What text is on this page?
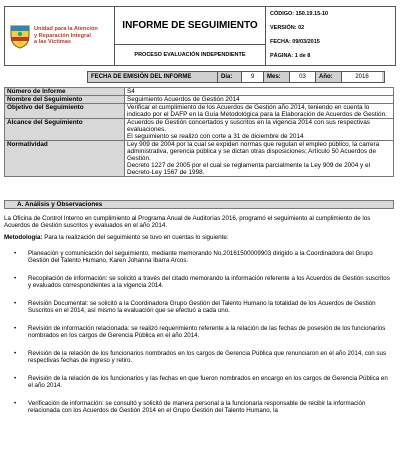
Unidad para la Atención
y Reparación Integral
a las Víctimas
INFORME DE SEGUIMIENTO
PROCESO EVALUACIÓN INDEPENDIENTE
CÓDIGO: 150.19.15-10
VERSIÓN: 02
FECHA: 09/03/2015
PÁGINA: 1 de 8
FECHA DE EMISIÓN DEL INFORME	Día:	9	Mes:	03	Año:	2016
Número de Informe	S4
Nombre del Seguimiento	Seguimiento Acuerdos de Gestión 2014
Objetivo del Seguimiento	Verificar el cumplimiento de los Acuerdos de Gestión año 2014, teniendo en cuenta lo indicado por el DAFP en la Guía Metodológica para la Elaboración de Acuerdos de Gestión.
Alcance del Seguimiento	Acuerdos de Gestión concertados y suscritos en la vigencia 2014 con sus respectivas evaluaciones.
El seguimiento se realizó con corte a 31 de diciembre de 2014

Normatividad	Ley 909 de 2004 por la cual se expiden normas que regulan el empleo público, la carrera administrativa, gerencia pública y se dictan otras disposiciones; Artículo 50 Acuerdos de Gestión.
Decreto 1227 de 2005 por el cual se reglamenta parcialmente la Ley 909 de 2004 y el Decreto-Ley 1567 de 1998.
A. Análisis y Observaciones
La Oficina de Control Interno en cumplimiento al Programa Anual de Auditorías 2016, programó el seguimiento al cumplimiento de los Acuerdos de Gestión suscritos y evaluados en el año 2014.
Metodología: Para la realización del seguimiento se tuvo en cuentas lo siguiente:
• Planeación y comunicación del seguimiento, mediante memorando No.20161500009903 dirigido a la Coordinadora del Grupo Gestión del Talento Humano, Karen Johanna Ibarra Arcos.
• Recopilación de información: se solicitó a través del citado memorando la información referente a los Acuerdos de Gestión suscritos y evaluados correspondientes a la vigencia 2014.
• Revisión Documental: se solicitó a la Coordinadora Grupo Gestión del Talento Humano la totalidad de los Acuerdos de Gestión Suscritos en el 2014, así mismo la evaluación que se efectuó a cada uno.
• Revisión de información relacionada: se realizó requerimiento referente a la relación de las fechas de posesión de los funcionarios nombrados en los cargos de Gerencia Pública en el año 2014.
• Revisión de la relación de los funcionarios nombrados en los cargos de Gerencia Pública que renunciaron en el año 2014, con sus respectivas fechas de ingreso y retiro.
• Revisión de la relación de los funcionarios y las fechas en que fueron nombrados en encargo en los cargos de Gerencia Pública en el año 2014.
• Verificación de información: se consultó y solicitó de manera personal a la funcionaria responsable de recibir la información relacionada con los Acuerdos de Gestión 2014 en el Grupo Gestión del Talento Humano, la
